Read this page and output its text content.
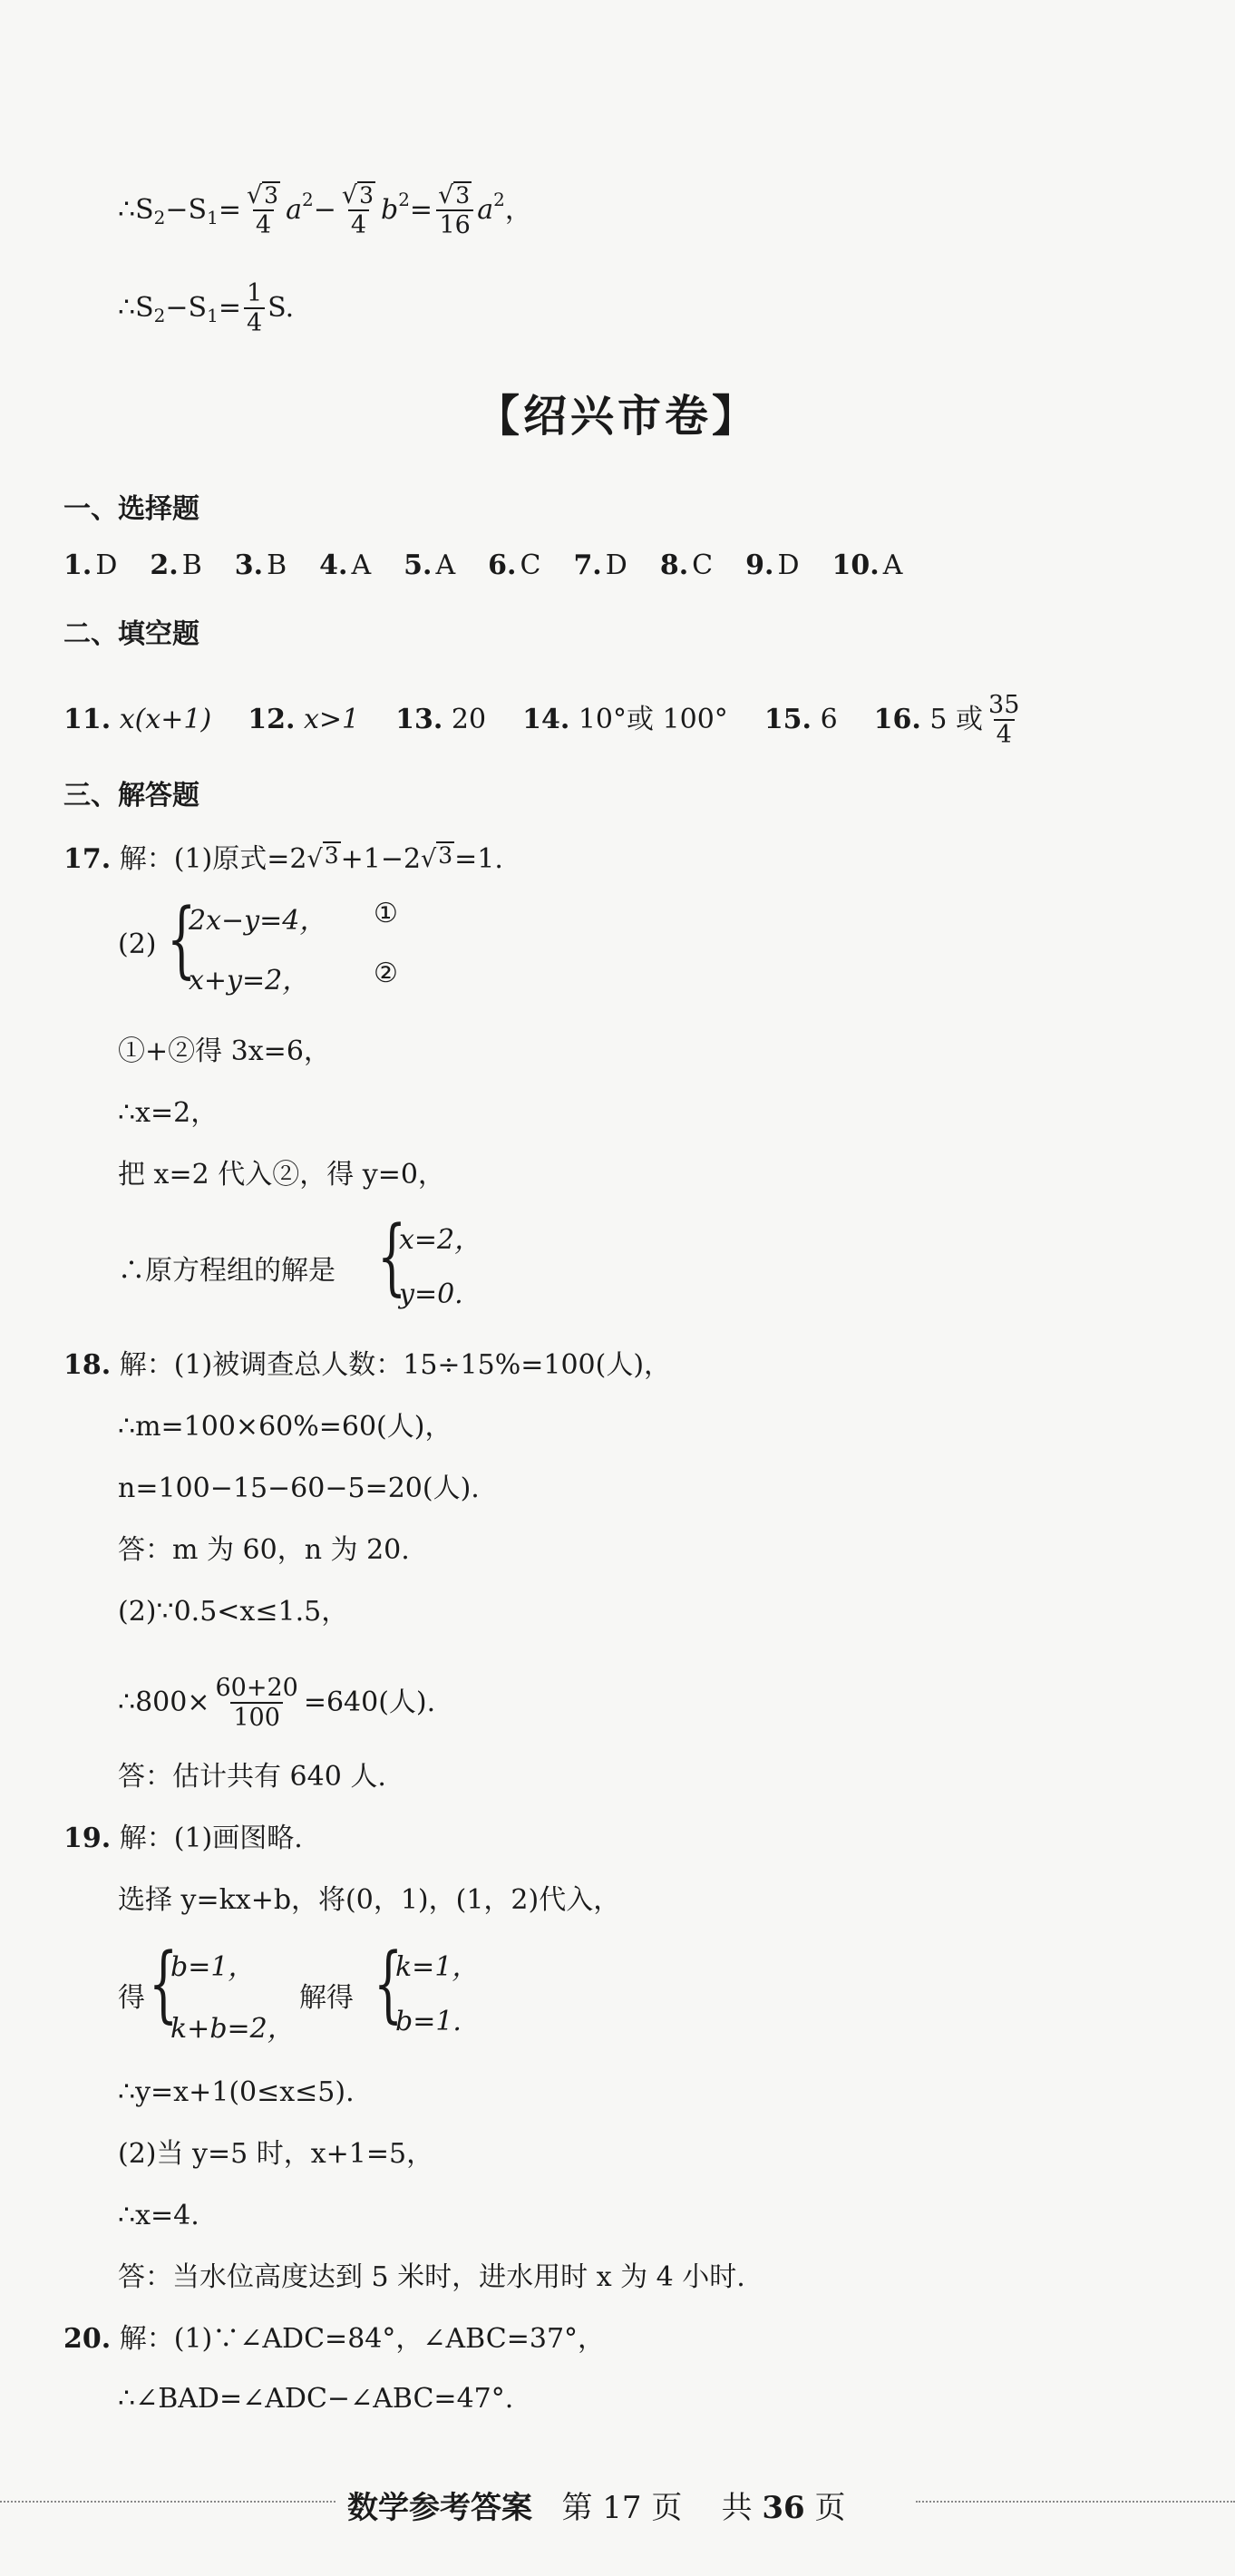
∴S 2 −S $1 = \frac{√ 3}{4}$ a $2 - \frac{√ 3}{4}$ b $2 = \frac{√ 3}{16}$ a 2 ，
∴S 2 −S $1 = \frac{1}{4} S$.
【绍兴市卷】
一、选择题
1. D 2. B 3. B 4. A 5. A 6. C 7. D 8. C 9. D 10. A
二、填空题
11.
x(x+1) 12.
x>1 13.
20 14.
10°或 100° 15.
6 16.
5 或 $\frac{35}{4}$
三、解答题
17.
解：(1)原式=2 √ 3 +1−2 √ 3 =1.
(2) {
2x−y=4， ①
x+y=2， ②
①+②得 3x=6，
∴x=2，
把 x=2 代入②，得 y=0，
∴原方程组的解是 {
x=2，
y=0.
18.
解：(1)被调查总人数：15÷15%=100(人)，
∴m=100×60%=60(人)，
n=100−15−60−5=20(人).
答：m 为 60，n 为 20.
(2)∵0.5<x≤1.5，
∴800× $\frac{60+20}{100} =640$(人).
答：估计共有 640 人.
19.
解：(1)画图略.
选择 y=kx+b，将(0，1)，(1，2)代入，
得 {
b=1，
k+b=2，
解得 {
k=1，
b=1.
∴y=x+1(0≤x≤5).
(2)当 y=5 时，x+1=5，
∴x=4.
答：当水位高度达到 5 米时，进水用时 x 为 4 小时.
20.
解：(1)∵∠ADC=84°，∠ABC=37°，
∴∠BAD=∠ADC−∠ABC=47°.
数学参考答案 第 17 页 共 36 页
